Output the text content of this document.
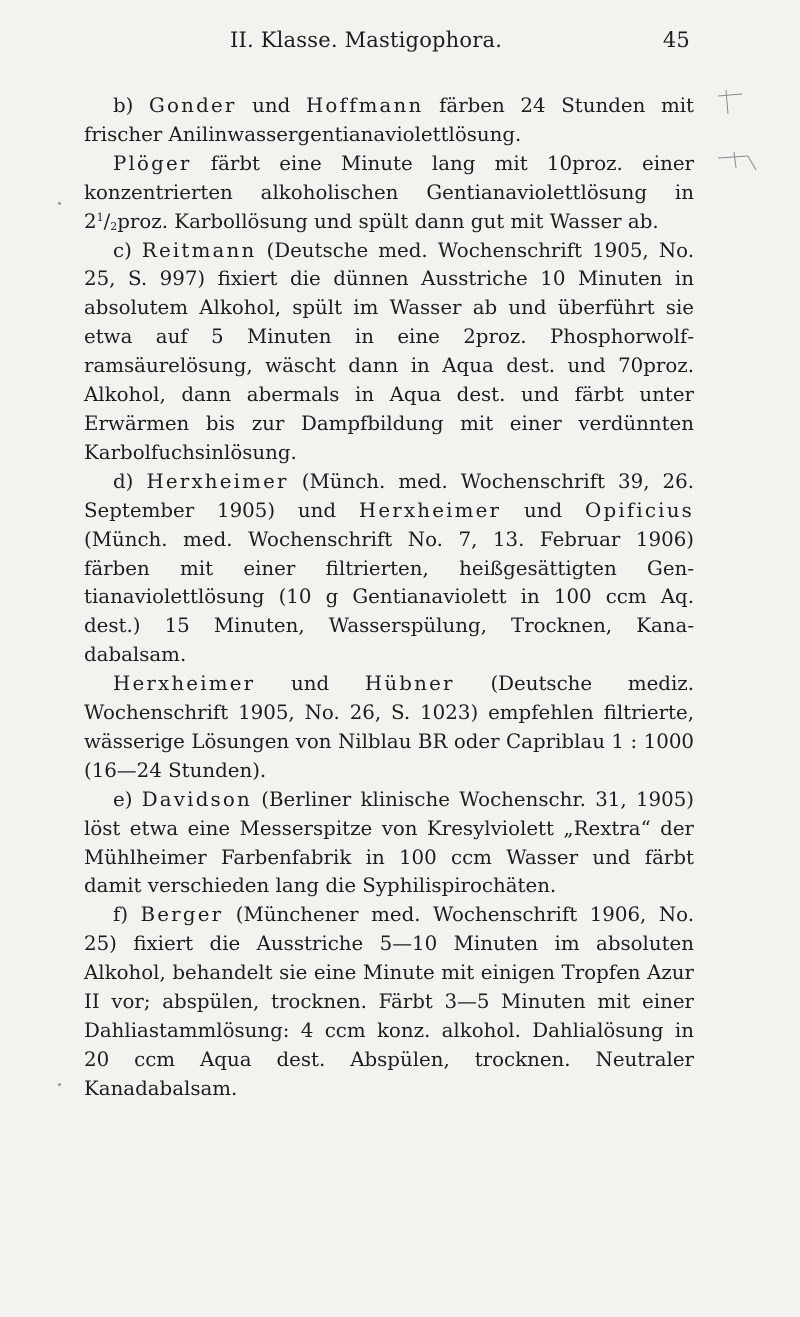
II. Klasse. Mastigophora.	45

b) Gonder und Hoffmann färben 24 Stunden mit frischer Anilinwassergentianaviolettlösung.

Plöger färbt eine Minute lang mit 10proz. einer konzentrierten alkoholischen Gentianaviolettlösung in $2^1/_2proz$. Karbollösung und spült dann gut mit Wasser ab.

c) Reitmann (Deutsche med. Wochenschrift 1905, No. 25, S. 997) fixiert die dünnen Ausstriche 10 Minuten in absolutem Alkohol, spült im Wasser ab und überführt sie etwa auf 5 Minuten in eine 2proz. Phosphorwolframsäurelösung, wäscht dann in Aqua dest. und 70proz. Alkohol, dann abermals in Aqua dest. und färbt unter Erwärmen bis zur Dampfbildung mit einer verdünnten Karbolfuchsinlösung.

d) Herxheimer (Münch. med. Wochenschrift 39, 26. September 1905) und Herxheimer und Opificius (Münch. med. Wochenschrift No. 7, 13. Februar 1906) färben mit einer filtrierten, heißgesättigten Gentianaviolettlösung (10 g Gentianaviolett in 100 ccm Aq. dest.) 15 Minuten, Wasserspülung, Trocknen, Kanadabalsam.

Herxheimer und Hübner (Deutsche mediz. Wochenschrift 1905, No. 26, S. 1023) empfehlen filtrierte, wässerige Lösungen von Nilblau BR oder Capriblau 1 : 1000 (16—24 Stunden).

e) Davidson (Berliner klinische Wochenschr. 31, 1905) löst etwa eine Messerspitze von Kresylviolett „Rextra“ der Mühlheimer Farbenfabrik in 100 ccm Wasser und färbt damit verschieden lang die Syphilispirochäten.

f) Berger (Münchener med. Wochenschrift 1906, No. 25) fixiert die Ausstriche 5—10 Minuten im absoluten Alkohol, behandelt sie eine Minute mit einigen Tropfen Azur II vor; abspülen, trocknen. Färbt 3—5 Minuten mit einer Dahliastammlösung: 4 ccm konz. alkohol. Dahlialösung in 20 ccm Aqua dest. Abspülen, trocknen. Neutraler Kanadabalsam.
